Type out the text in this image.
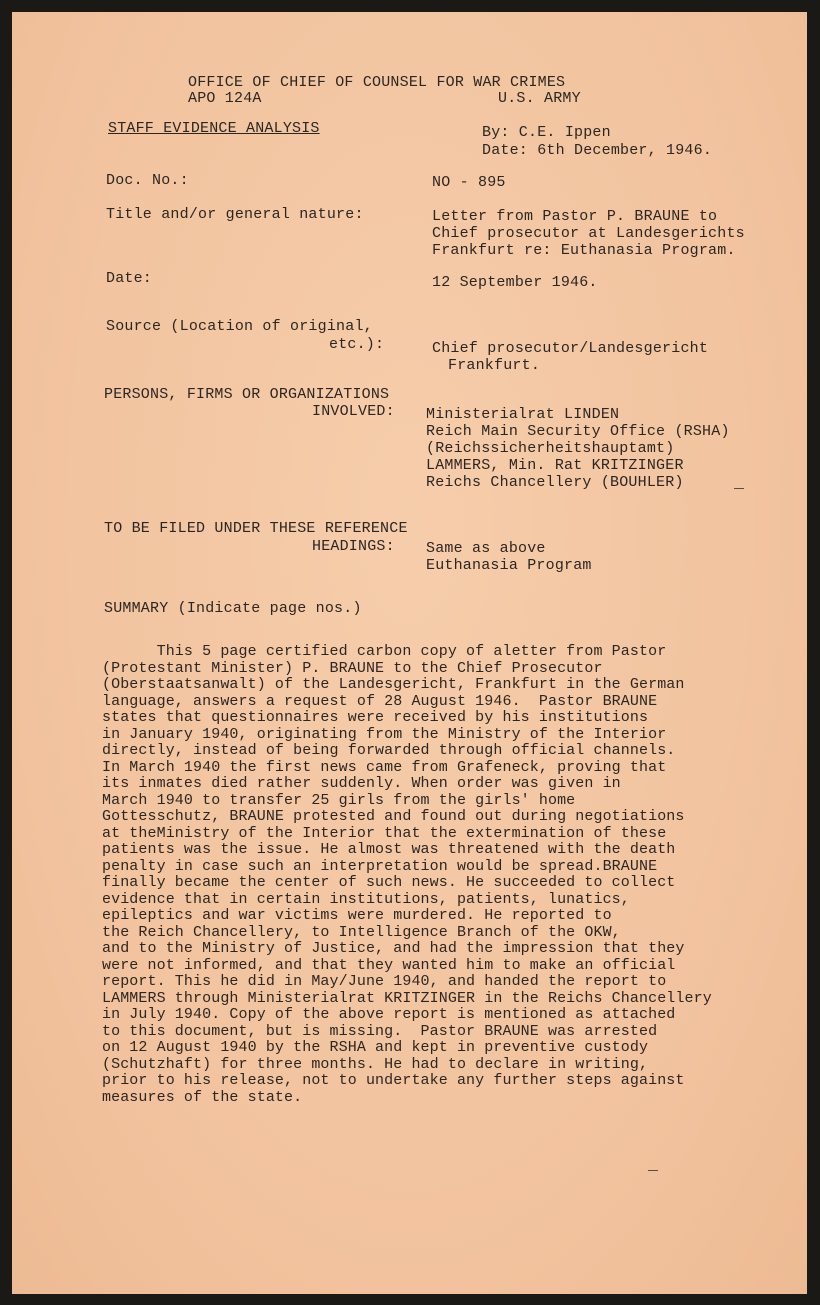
OFFICE OF CHIEF OF COUNSEL FOR WAR CRIMES
APO 124A	U.S. ARMY
STAFF EVIDENCE ANALYSIS	By: C.E. Ippen
Date: 6th December, 1946.
Doc. No.:	NO - 895
Title and/or general nature:	Letter from Pastor P. BRAUNE to
Chief prosecutor at Landesgerichts
Frankfurt re: Euthanasia Program.
Date:	12 September 1946.
Source (Location of original,
etc.):	Chief prosecutor/Landesgericht
Frankfurt.
PERSONS, FIRMS OR ORGANIZATIONS
INVOLVED: Ministerialrat LINDEN
Reich Main Security Office (RSHA)
(Reichssicherheitshauptamt)
LAMMERS, Min. Rat KRITZINGER
Reichs Chancellery (BOUHLER)
TO BE FILED UNDER THESE REFERENCE
HEADINGS: Same as above
Euthanasia Program
SUMMARY (Indicate page nos.)
This 5 page certified carbon copy of aletter from Pastor
(Protestant Minister) P. BRAUNE to the Chief Prosecutor
(Oberstaatsanwalt) of the Landesgericht, Frankfurt in the German
language, answers a request of 28 August 1946.  Pastor BRAUNE
states that questionnaires were received by his institutions
in January 1940, originating from the Ministry of the Interior
directly, instead of being forwarded through official channels.
In March 1940 the first news came from Grafeneck, proving that
its inmates died rather suddenly. When order was given in
March 1940 to transfer 25 girls from the girls' home
Gottesschutz, BRAUNE protested and found out during negotiations
at theMinistry of the Interior that the extermination of these
patients was the issue. He almost was threatened with the death
penalty in case such an interpretation would be spread.BRAUNE
finally became the center of such news. He succeeded to collect
evidence that in certain institutions, patients, lunatics,
epileptics and war victims were murdered. He reported to
the Reich Chancellery, to Intelligence Branch of the OKW,
and to the Ministry of Justice, and had the impression that they
were not informed, and that they wanted him to make an official
report. This he did in May/June 1940, and handed the report to
LAMMERS through Ministerialrat KRITZINGER in the Reichs Chancellery
in July 1940. Copy of the above report is mentioned as attached
to this document, but is missing.  Pastor BRAUNE was arrested
on 12 August 1940 by the RSHA and kept in preventive custody
(Schutzhaft) for three months. He had to declare in writing,
prior to his release, not to undertake any further steps against
measures of the state.
